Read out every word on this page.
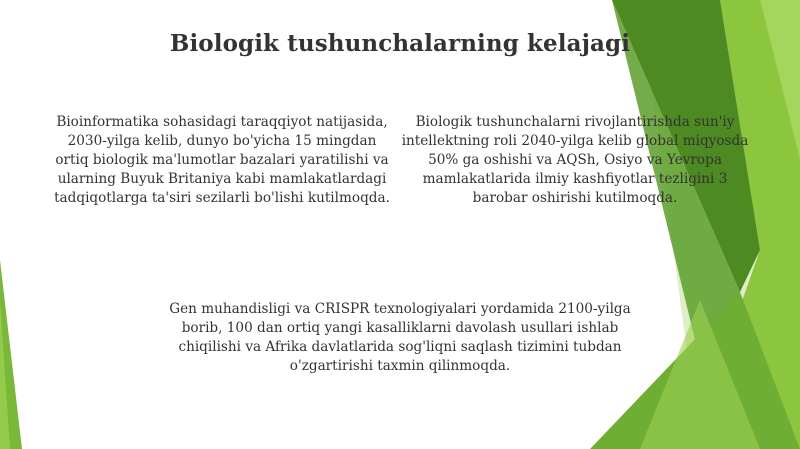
Biologik tushunchalarning kelajagi
Bioinformatika sohasidagi taraqqiyot natijasida, 2030-yilga kelib, dunyo bo'yicha 15 mingdan ortiq biologik ma'lumotlar bazalari yaratilishi va ularning Buyuk Britaniya kabi mamlakatlardagi tadqiqotlarga ta'siri sezilarli bo'lishi kutilmoqda.
Biologik tushunchalarni rivojlantirishda sun'iy intellektning roli 2040-yilga kelib global miqyosda 50% ga oshishi va AQSh, Osiyo va Yevropa mamlakatlarida ilmiy kashfiyotlar tezligini 3 barobar oshirishi kutilmoqda.
Gen muhandisligi va CRISPR texnologiyalari yordamida 2100-yilga borib, 100 dan ortiq yangi kasalliklarni davolash usullari ishlab chiqilishi va Afrika davlatlarida sog'liqni saqlash tizimini tubdan o'zgartirishi taxmin qilinmoqda.
